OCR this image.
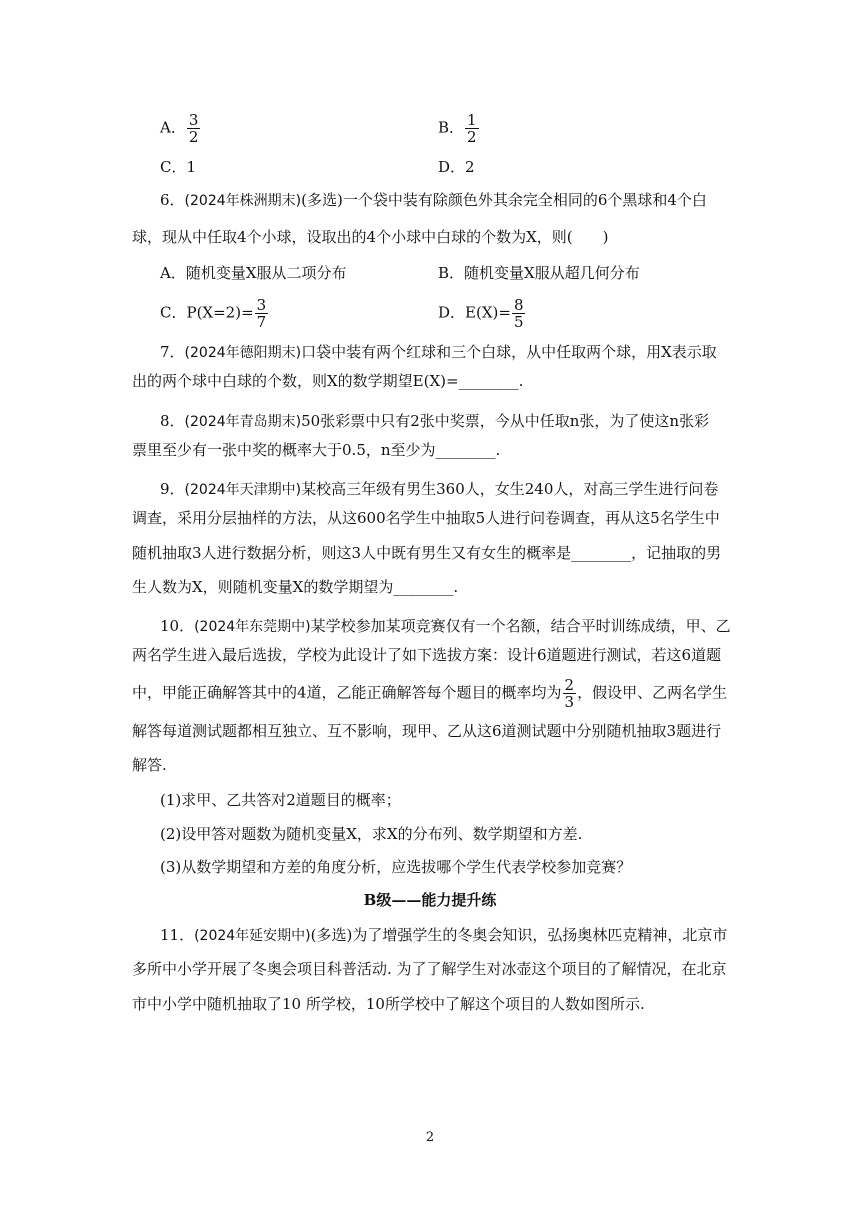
A． $\frac{3}{2}$	B． $\frac{1}{2}$
C．1	D．2
6．(2024年株洲期末)(多选)一个袋中装有除颜色外其余完全相同的6个黑球和4个白
球，现从中任取4个小球，设取出的4个小球中白球的个数为X，则(　　)
A．随机变量X服从二项分布	B．随机变量X服从超几何分布
C．$P(X=2)= \frac{3}{7}$	D．$E(X)= \frac{8}{5}$
7．(2024年德阳期末)口袋中装有两个红球和三个白球，从中任取两个球，用X表示取
出的两个球中白球的个数，则X的数学期望E(X)=________.
8．(2024年青岛期末)50张彩票中只有2张中奖票，今从中任取n张，为了使这n张彩
票里至少有一张中奖的概率大于0.5，n至少为________.
9．(2024年天津期中)某校高三年级有男生360人，女生240人，对高三学生进行问卷
调查，采用分层抽样的方法，从这600名学生中抽取5人进行问卷调查，再从这5名学生中
随机抽取3人进行数据分析，则这3人中既有男生又有女生的概率是________，记抽取的男
生人数为X，则随机变量X的数学期望为________.
10．(2024年东莞期中)某学校参加某项竞赛仅有一个名额，结合平时训练成绩，甲、乙
两名学生进入最后选拔，学校为此设计了如下选拔方案：设计6道题进行测试，若这6道题
中，甲能正确解答其中的4道，乙能正确解答每个题目的概率均为 $\frac{2}{3}$ ，假设甲、乙两名学生
解答每道测试题都相互独立、互不影响，现甲、乙从这6道测试题中分别随机抽取3题进行
解答.
(1)求甲、乙共答对2道题目的概率；
(2)设甲答对题数为随机变量X，求X的分布列、数学期望和方差.
(3)从数学期望和方差的角度分析，应选拔哪个学生代表学校参加竞赛？
B级——能力提升练
11．(2024年延安期中)(多选)为了增强学生的冬奥会知识，弘扬奥林匹克精神，北京市
多所中小学开展了冬奥会项目科普活动. 为了了解学生对冰壶这个项目的了解情况，在北京
市中小学中随机抽取了10 所学校，10所学校中了解这个项目的人数如图所示.
2
